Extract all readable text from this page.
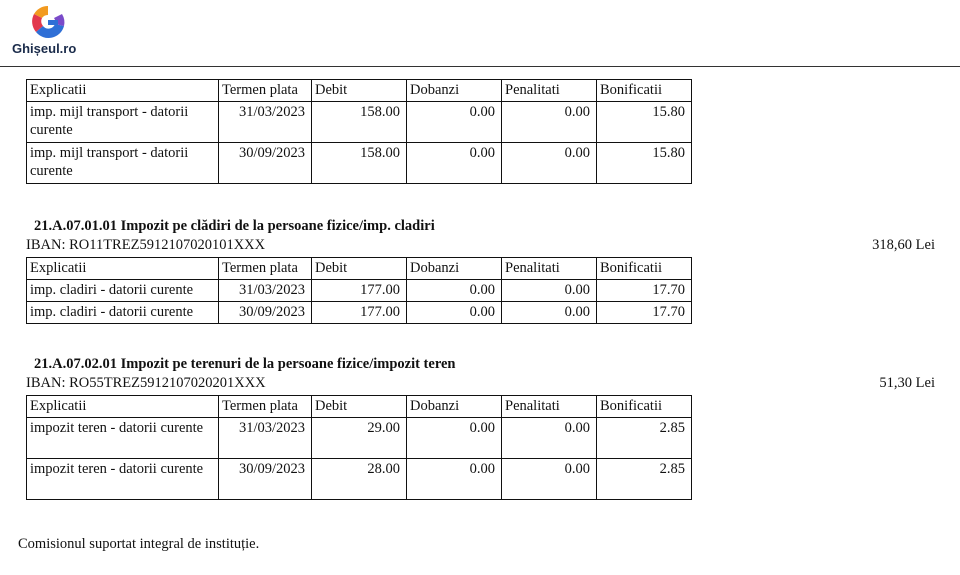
Ghișeul.ro
Explicatii	Termen plata	Debit	Dobanzi	Penalitati	Bonificatii
imp. mijl transport - datorii curente	31/03/2023	158.00	0.00	0.00	15.80
imp. mijl transport - datorii curente	30/09/2023	158.00	0.00	0.00	15.80
21.A.07.01.01 Impozit pe clădiri de la persoane fizice/imp. cladiri
IBAN: RO11TREZ5912107020101XXX	318,60 Lei
Explicatii	Termen plata	Debit	Dobanzi	Penalitati	Bonificatii
imp. cladiri - datorii curente	31/03/2023	177.00	0.00	0.00	17.70
imp. cladiri - datorii curente	30/09/2023	177.00	0.00	0.00	17.70
21.A.07.02.01 Impozit pe terenuri de la persoane fizice/impozit teren
IBAN: RO55TREZ5912107020201XXX	51,30 Lei
Explicatii	Termen plata	Debit	Dobanzi	Penalitati	Bonificatii
impozit teren - datorii curente	31/03/2023	29.00	0.00	0.00	2.85
impozit teren - datorii curente	30/09/2023	28.00	0.00	0.00	2.85
Comisionul suportat integral de instituție.
